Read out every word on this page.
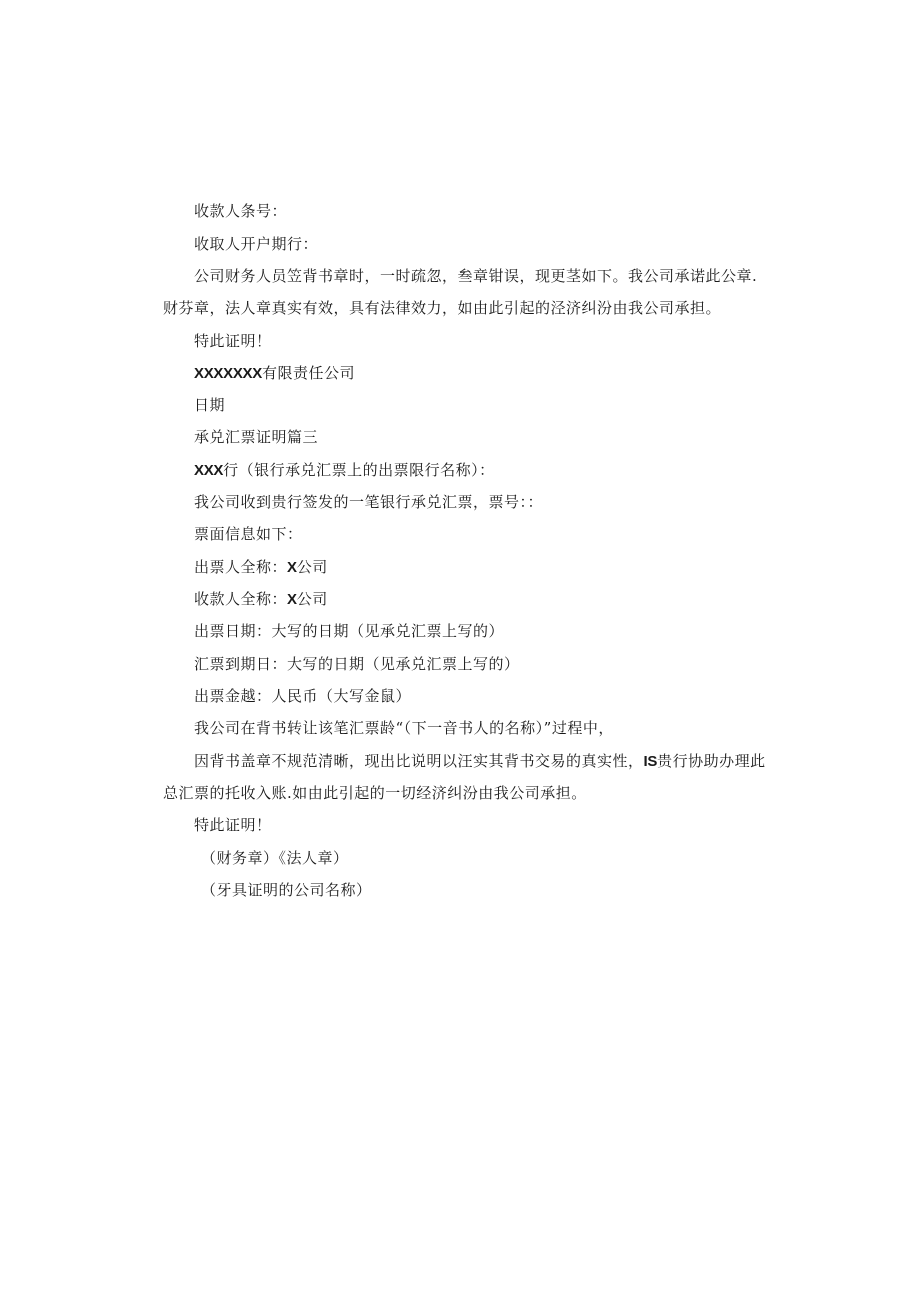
收款人条号：
收取人开户期行：
公司财务人员笠背书章时，一时疏忽，叁章钳误，现更茎如下。我公司承诺此公章.
财芬章，法人章真实有效，具有法律效力，如由此引起的泾济纠汾由我公司承担。
特此证明！
XXXXXXX有限责任公司
日期
承兑汇票证明篇三
XXX行（银行承兑汇票上的出票限行名称）：
我公司收到贵行签发的一笔银行承兑汇票，票号：：
票面信息如下：
出票人全称：X公司
收款人全称：X公司
出票日期：大写的日期（见承兑汇票上写的）
汇票到期日：大写的日期（见承兑汇票上写的）
出票金越：人民币（大写金鼠）
我公司在背书转让该笔汇票龄“（下一音书人的名称）”过程中，
因背书盖章不规范清晰，现出比说明以汪实其背书交易的真实性，IS贵行协助办理此
总汇票的托收入账.如由此引起的一切经济纠汾由我公司承担。
特此证明！
（财务章）《法人章）
（牙具证明的公司名称）
